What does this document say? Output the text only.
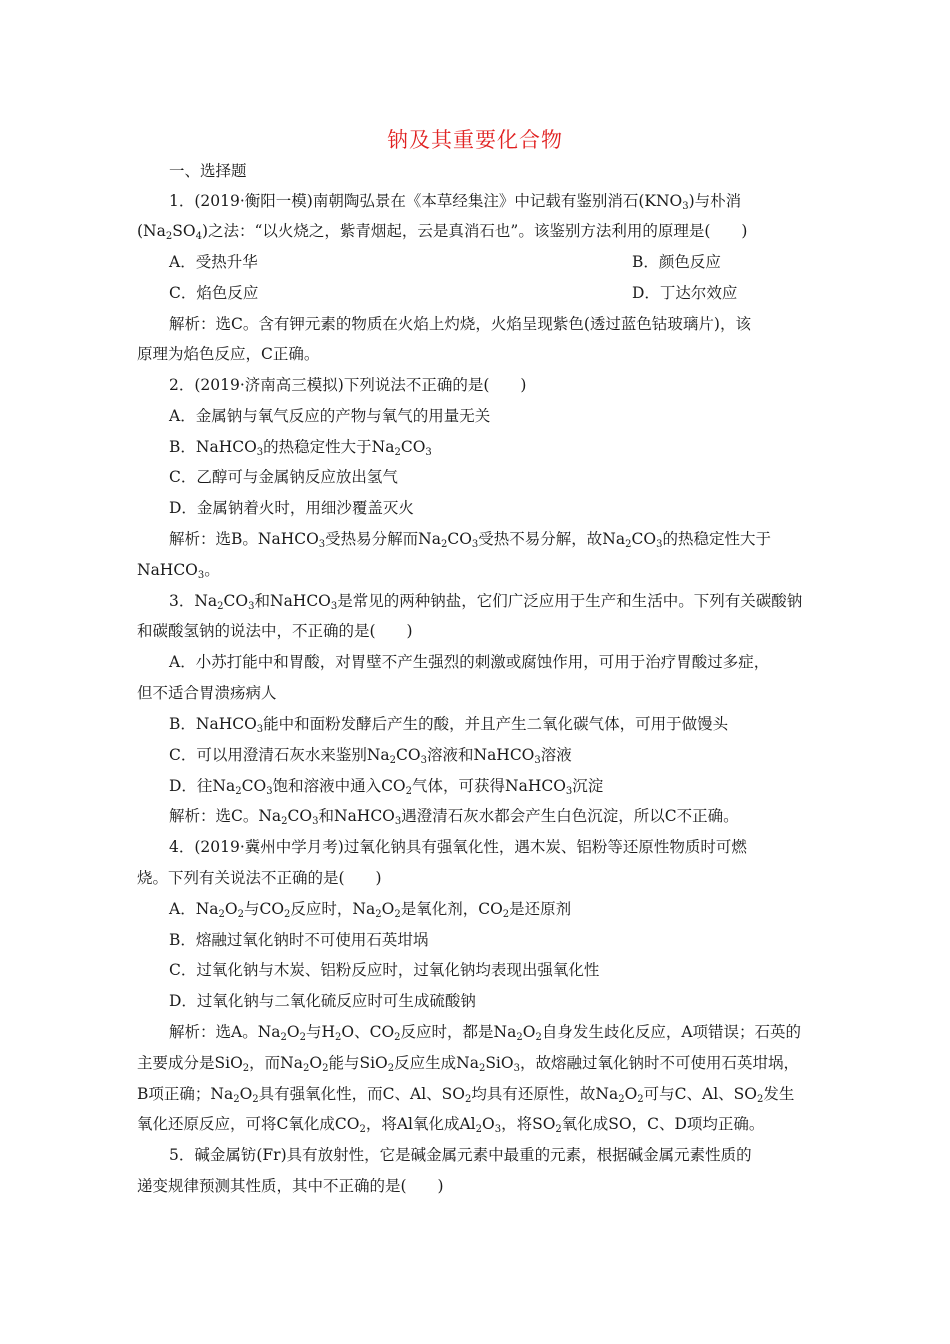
钠及其重要化合物
一、选择题
1．(2019·衡阳一模)南朝陶弘景在《本草经集注》中记载有鉴别消石$(KNO_3)$与朴消
$(Na_2SO_4)$之法：“以火烧之，紫青烟起，云是真消石也”。该鉴别方法利用的原理是(　　)
A．受热升华	B．颜色反应
C．焰色反应	D．丁达尔效应
解析：选C。含有钾元素的物质在火焰上灼烧，火焰呈现紫色(透过蓝色钴玻璃片)，该
原理为焰色反应，C正确。
2．(2019·济南高三模拟)下列说法不正确的是(　　)
A．金属钠与氧气反应的产物与氧气的用量无关
B．NaHCO$_3$的热稳定性大于$Na_2CO_3$
C．乙醇可与金属钠反应放出氢气
D．金属钠着火时，用细沙覆盖灭火
解析：选B。NaHCO$_3$受热易分解而$Na_2CO_3$受热不易分解，故$Na_2CO_3$的热稳定性大于
NaHCO$_3$。
3．$Na_2CO_3$和NaHCO$_3$是常见的两种钠盐，它们广泛应用于生产和生活中。下列有关碳酸钠
和碳酸氢钠的说法中，不正确的是(　　)
A．小苏打能中和胃酸，对胃壁不产生强烈的刺激或腐蚀作用，可用于治疗胃酸过多症，
但不适合胃溃疡病人
B．NaHCO$_3$能中和面粉发酵后产生的酸，并且产生二氧化碳气体，可用于做馒头
C．可以用澄清石灰水来鉴别$Na_2CO_3$溶液和NaHCO$_3$溶液
D．往$Na_2CO_3$饱和溶液中通入$CO_2$气体，可获得NaHCO$_3$沉淀
解析：选C。$Na_2CO_3$和NaHCO$_3$遇澄清石灰水都会产生白色沉淀，所以C不正确。
4．(2019·冀州中学月考)过氧化钠具有强氧化性，遇木炭、铝粉等还原性物质时可燃
烧。下列有关说法不正确的是(　　)
A．$Na_2O_2$与$CO_2$反应时，$Na_2O_2$是氧化剂，$CO_2$是还原剂
B．熔融过氧化钠时不可使用石英坩埚
C．过氧化钠与木炭、铝粉反应时，过氧化钠均表现出强氧化性
D．过氧化钠与二氧化硫反应时可生成硫酸钠
解析：选A。$Na_2O_2$与$H_2O$、$CO_2$反应时，都是$Na_2O_2$自身发生歧化反应，A项错误；石英的
主要成分是SiO$_2$，而$Na_2O_2$能与SiO$_2$反应生成$Na_2SiO_3$，故熔融过氧化钠时不可使用石英坩埚，
B项正确；$Na_2O_2$具有强氧化性，而C、Al、$SO_2$均具有还原性，故$Na_2O_2$可与C、Al、$SO_2$发生
氧化还原反应，可将C氧化成$CO_2$，将Al氧化成$Al_2O_3$，将$SO_2$氧化成SO，C、D项均正确。
5．碱金属钫(Fr)具有放射性，它是碱金属元素中最重的元素，根据碱金属元素性质的
递变规律预测其性质，其中不正确的是(　　)
